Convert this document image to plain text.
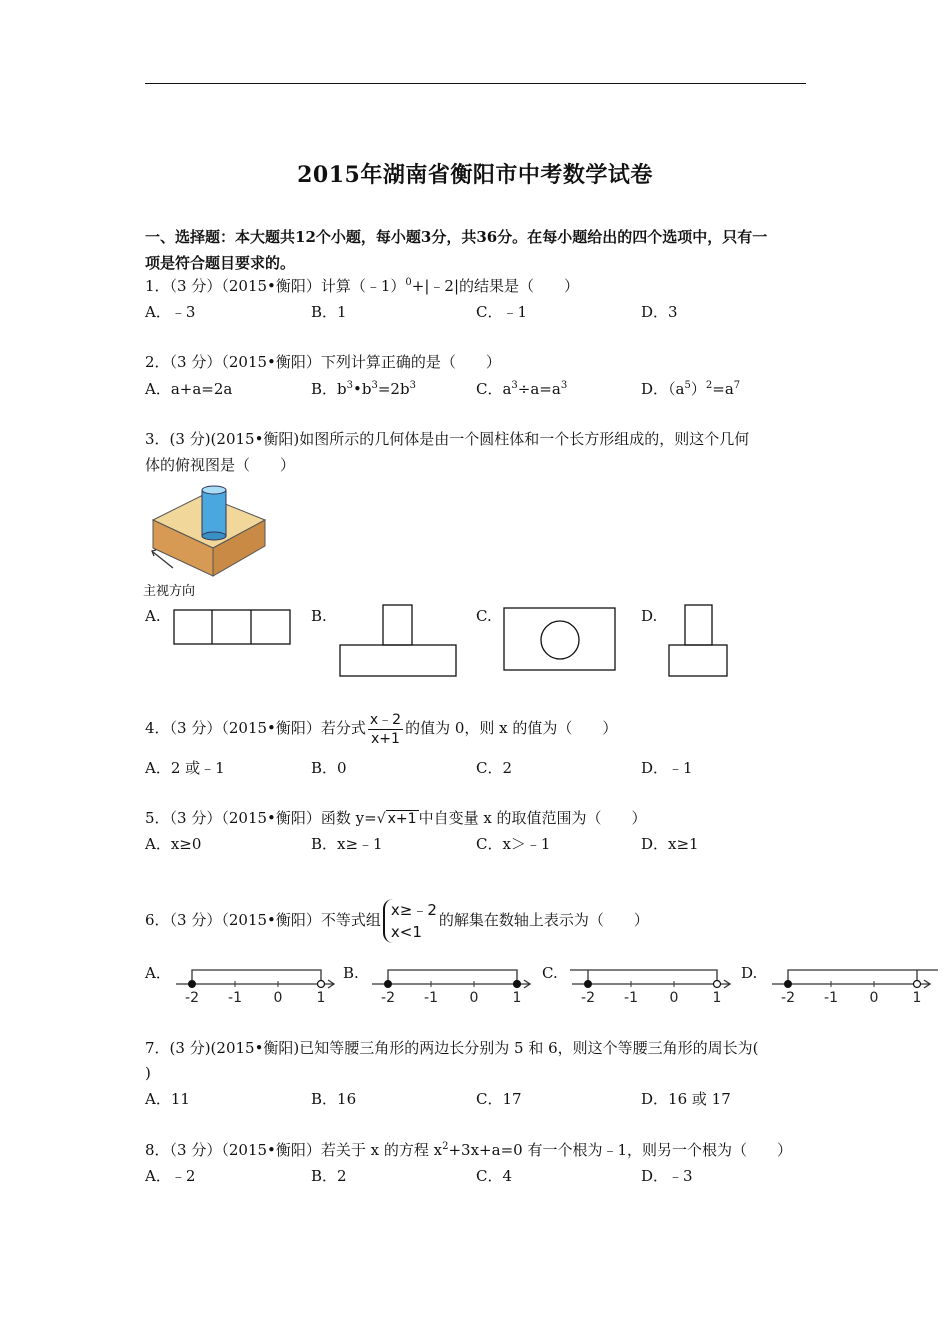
2015年湖南省衡阳市中考数学试卷
一、选择题：本大题共12个小题，每小题3分，共36分。在每小题给出的四个选项中，只有一
项是符合题目要求的。
1．（3 分）（2015•衡阳）计算（﹣1）$^0$+|﹣2|的结果是（　　）
A．﹣3	B．1	C．﹣1	D．3
2．（3 分）（2015•衡阳）下列计算正确的是（　　）
A．a+a=2a	B．$b^3•b^3=2b^3$	C．$a^3\div a=a^3$	D．$(a^5)^2=a^7$
3．(3 分)(2015•衡阳)如图所示的几何体是由一个圆柱体和一个长方形组成的，则这个几何
体的俯视图是（　　）
主视方向
A.	B.	C.	D.
4．（3 分）（2015•衡阳）若分式 $\frac{x﹣2}{x+1}$ 的值为 0，则 x 的值为（　　）
A．2 或﹣1	B．0	C．2	D．﹣1
5．（3 分）（2015•衡阳）函数 y=√ x+1 中自变量 x 的取值范围为（　　）
A．x≥0	B．x≥﹣1	C．x＞﹣1	D．x≥1
6．（3 分）（2015•衡阳）不等式组
x≥﹣2
x<1
的解集在数轴上表示为（　　）
A．
-2 -1 0 1
B.
-2 -1 0 1
C.
-2 -1 0 1
D.
-2 -1 0 1
7．(3 分)(2015•衡阳)已知等腰三角形的两边长分别为 5 和 6，则这个等腰三角形的周长为(
)
A．11	B．16	C．17	D．16 或 17
8．（3 分）（2015•衡阳）若关于 x 的方程 $x^2+3x+a=0$ 有一个根为﹣1，则另一个根为（　　）
A．﹣2	B．2	C．4	D．﹣3
